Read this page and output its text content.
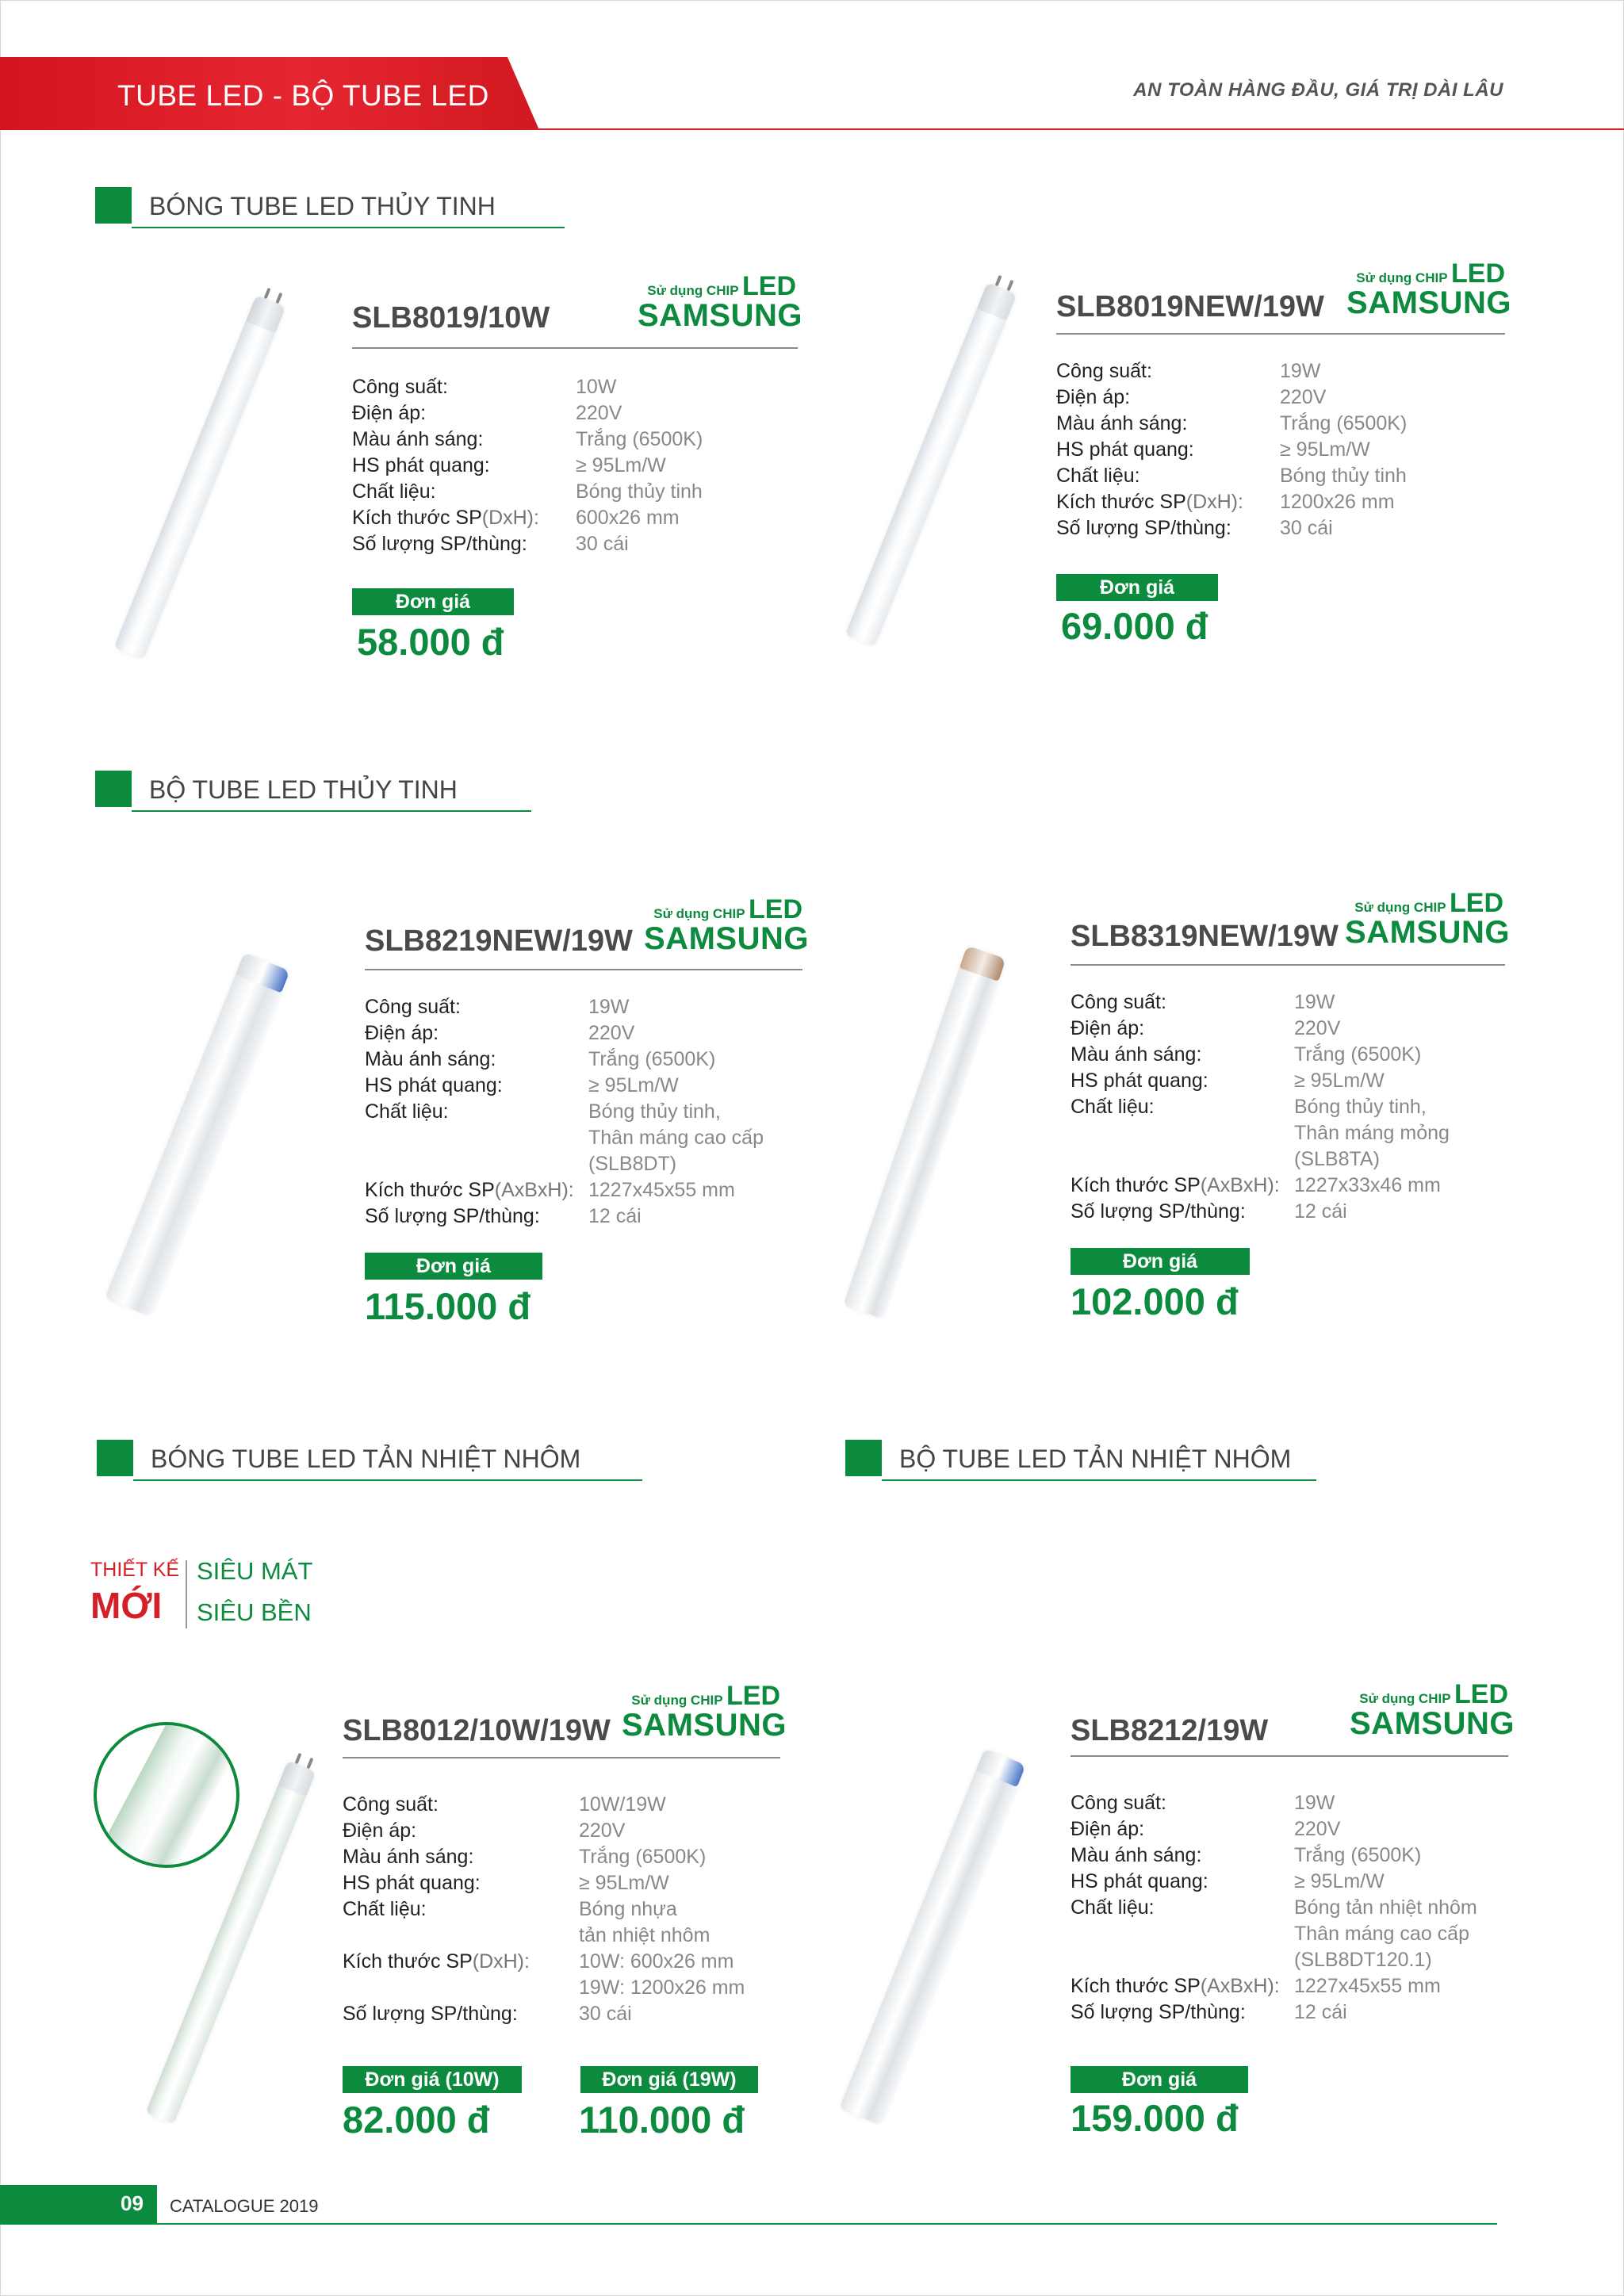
TUBE LED - BỘ TUBE LED	AN TOÀN HÀNG ĐẦU, GIÁ TRỊ DÀI LÂU
BÓNG TUBE LED THỦY TINH
SLB8019/10W
Sử dụng CHIP LED
SAMSUNG
Công suất:
Điện áp:
Màu ánh sáng:
HS phát quang:
Chất liệu:
Kích thước SP(DxH):
Số lượng SP/thùng:
10W
220V
Trắng (6500K)
≥ 95Lm/W
Bóng thủy tinh
600x26 mm
30 cái
Đơn giá
58.000 đ
SLB8019NEW/19W
Sử dụng CHIP LED
SAMSUNG
Công suất:
Điện áp:
Màu ánh sáng:
HS phát quang:
Chất liệu:
Kích thước SP(DxH):
Số lượng SP/thùng:
19W
220V
Trắng (6500K)
≥ 95Lm/W
Bóng thủy tinh
1200x26 mm
30 cái
Đơn giá
69.000 đ
BỘ TUBE LED THỦY TINH
SLB8219NEW/19W
Sử dụng CHIP LED
SAMSUNG
Công suất:
Điện áp:
Màu ánh sáng:
HS phát quang:
Chất liệu:
Kích thước SP(AxBxH):
Số lượng SP/thùng:
19W
220V
Trắng (6500K)
≥ 95Lm/W
Bóng thủy tinh,
Thân máng cao cấp
(SLB8DT)
1227x45x55 mm
12 cái
Đơn giá
115.000 đ
SLB8319NEW/19W
Sử dụng CHIP LED
SAMSUNG
Công suất:
Điện áp:
Màu ánh sáng:
HS phát quang:
Chất liệu:
Kích thước SP(AxBxH):
Số lượng SP/thùng:
19W
220V
Trắng (6500K)
≥ 95Lm/W
Bóng thủy tinh,
Thân máng mỏng
(SLB8TA)
1227x33x46 mm
12 cái
Đơn giá
102.000 đ
BÓNG TUBE LED TẢN NHIỆT NHÔM	BỘ TUBE LED TẢN NHIỆT NHÔM
THIẾT KẾ
MỚI
SIÊU MÁT
SIÊU BỀN
SLB8012/10W/19W
Sử dụng CHIP LED
SAMSUNG
Công suất:
Điện áp:
Màu ánh sáng:
HS phát quang:
Chất liệu:
Kích thước SP(DxH):
Số lượng SP/thùng:
10W/19W
220V
Trắng (6500K)
≥ 95Lm/W
Bóng nhựa
tản nhiệt nhôm
10W: 600x26 mm
19W: 1200x26 mm
30 cái
Đơn giá (10W)
82.000 đ
Đơn giá (19W)
110.000 đ
SLB8212/19W
Sử dụng CHIP LED
SAMSUNG
Công suất:
Điện áp:
Màu ánh sáng:
HS phát quang:
Chất liệu:
Kích thước SP(AxBxH):
Số lượng SP/thùng:
19W
220V
Trắng (6500K)
≥ 95Lm/W
Bóng tản nhiệt nhôm
Thân máng cao cấp
(SLB8DT120.1)
1227x45x55 mm
12 cái
Đơn giá
159.000 đ
09 CATALOGUE 2019
